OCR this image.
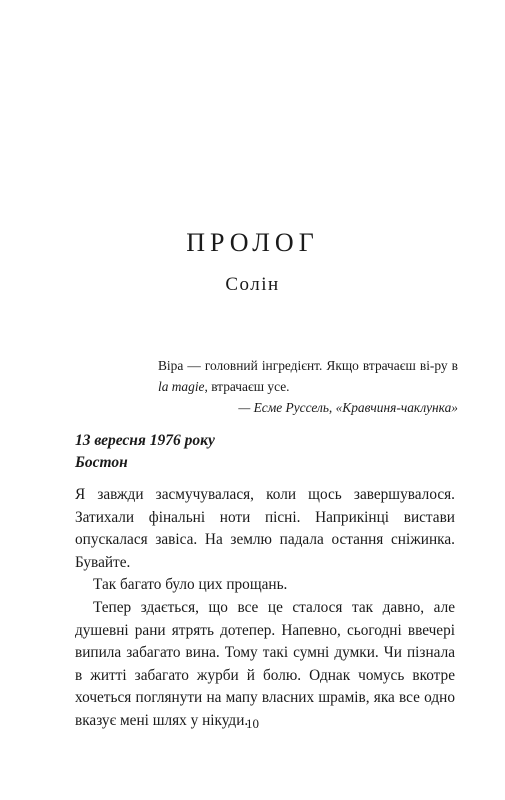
ПРОЛОГ
Солін

Віра — головний інгредієнт. Якщо втрачаєш ві-ру в la magie, втрачаєш усе.

— Есме Руссель, «Кравчиня-чаклунка»

13 вересня 1976 року
Бостон

Я завжди засмучувалася, коли щось завершувалося. Затихали фінальні ноти пісні. Наприкінці вистави опускалася завіса. На землю падала остання сніжинка. Бувайте.

Так багато було цих прощань.

Тепер здається, що все це сталося так давно, але душевні рани ятрять дотепер. Напевно, сьогодні ввечері випила забагато вина. Тому такі сумні думки. Чи пізнала в житті забагато журби й болю. Однак чомусь вкотре хочеться поглянути на мапу власних шрамів, яка все одно вказує мені шлях у нікуди.

10
